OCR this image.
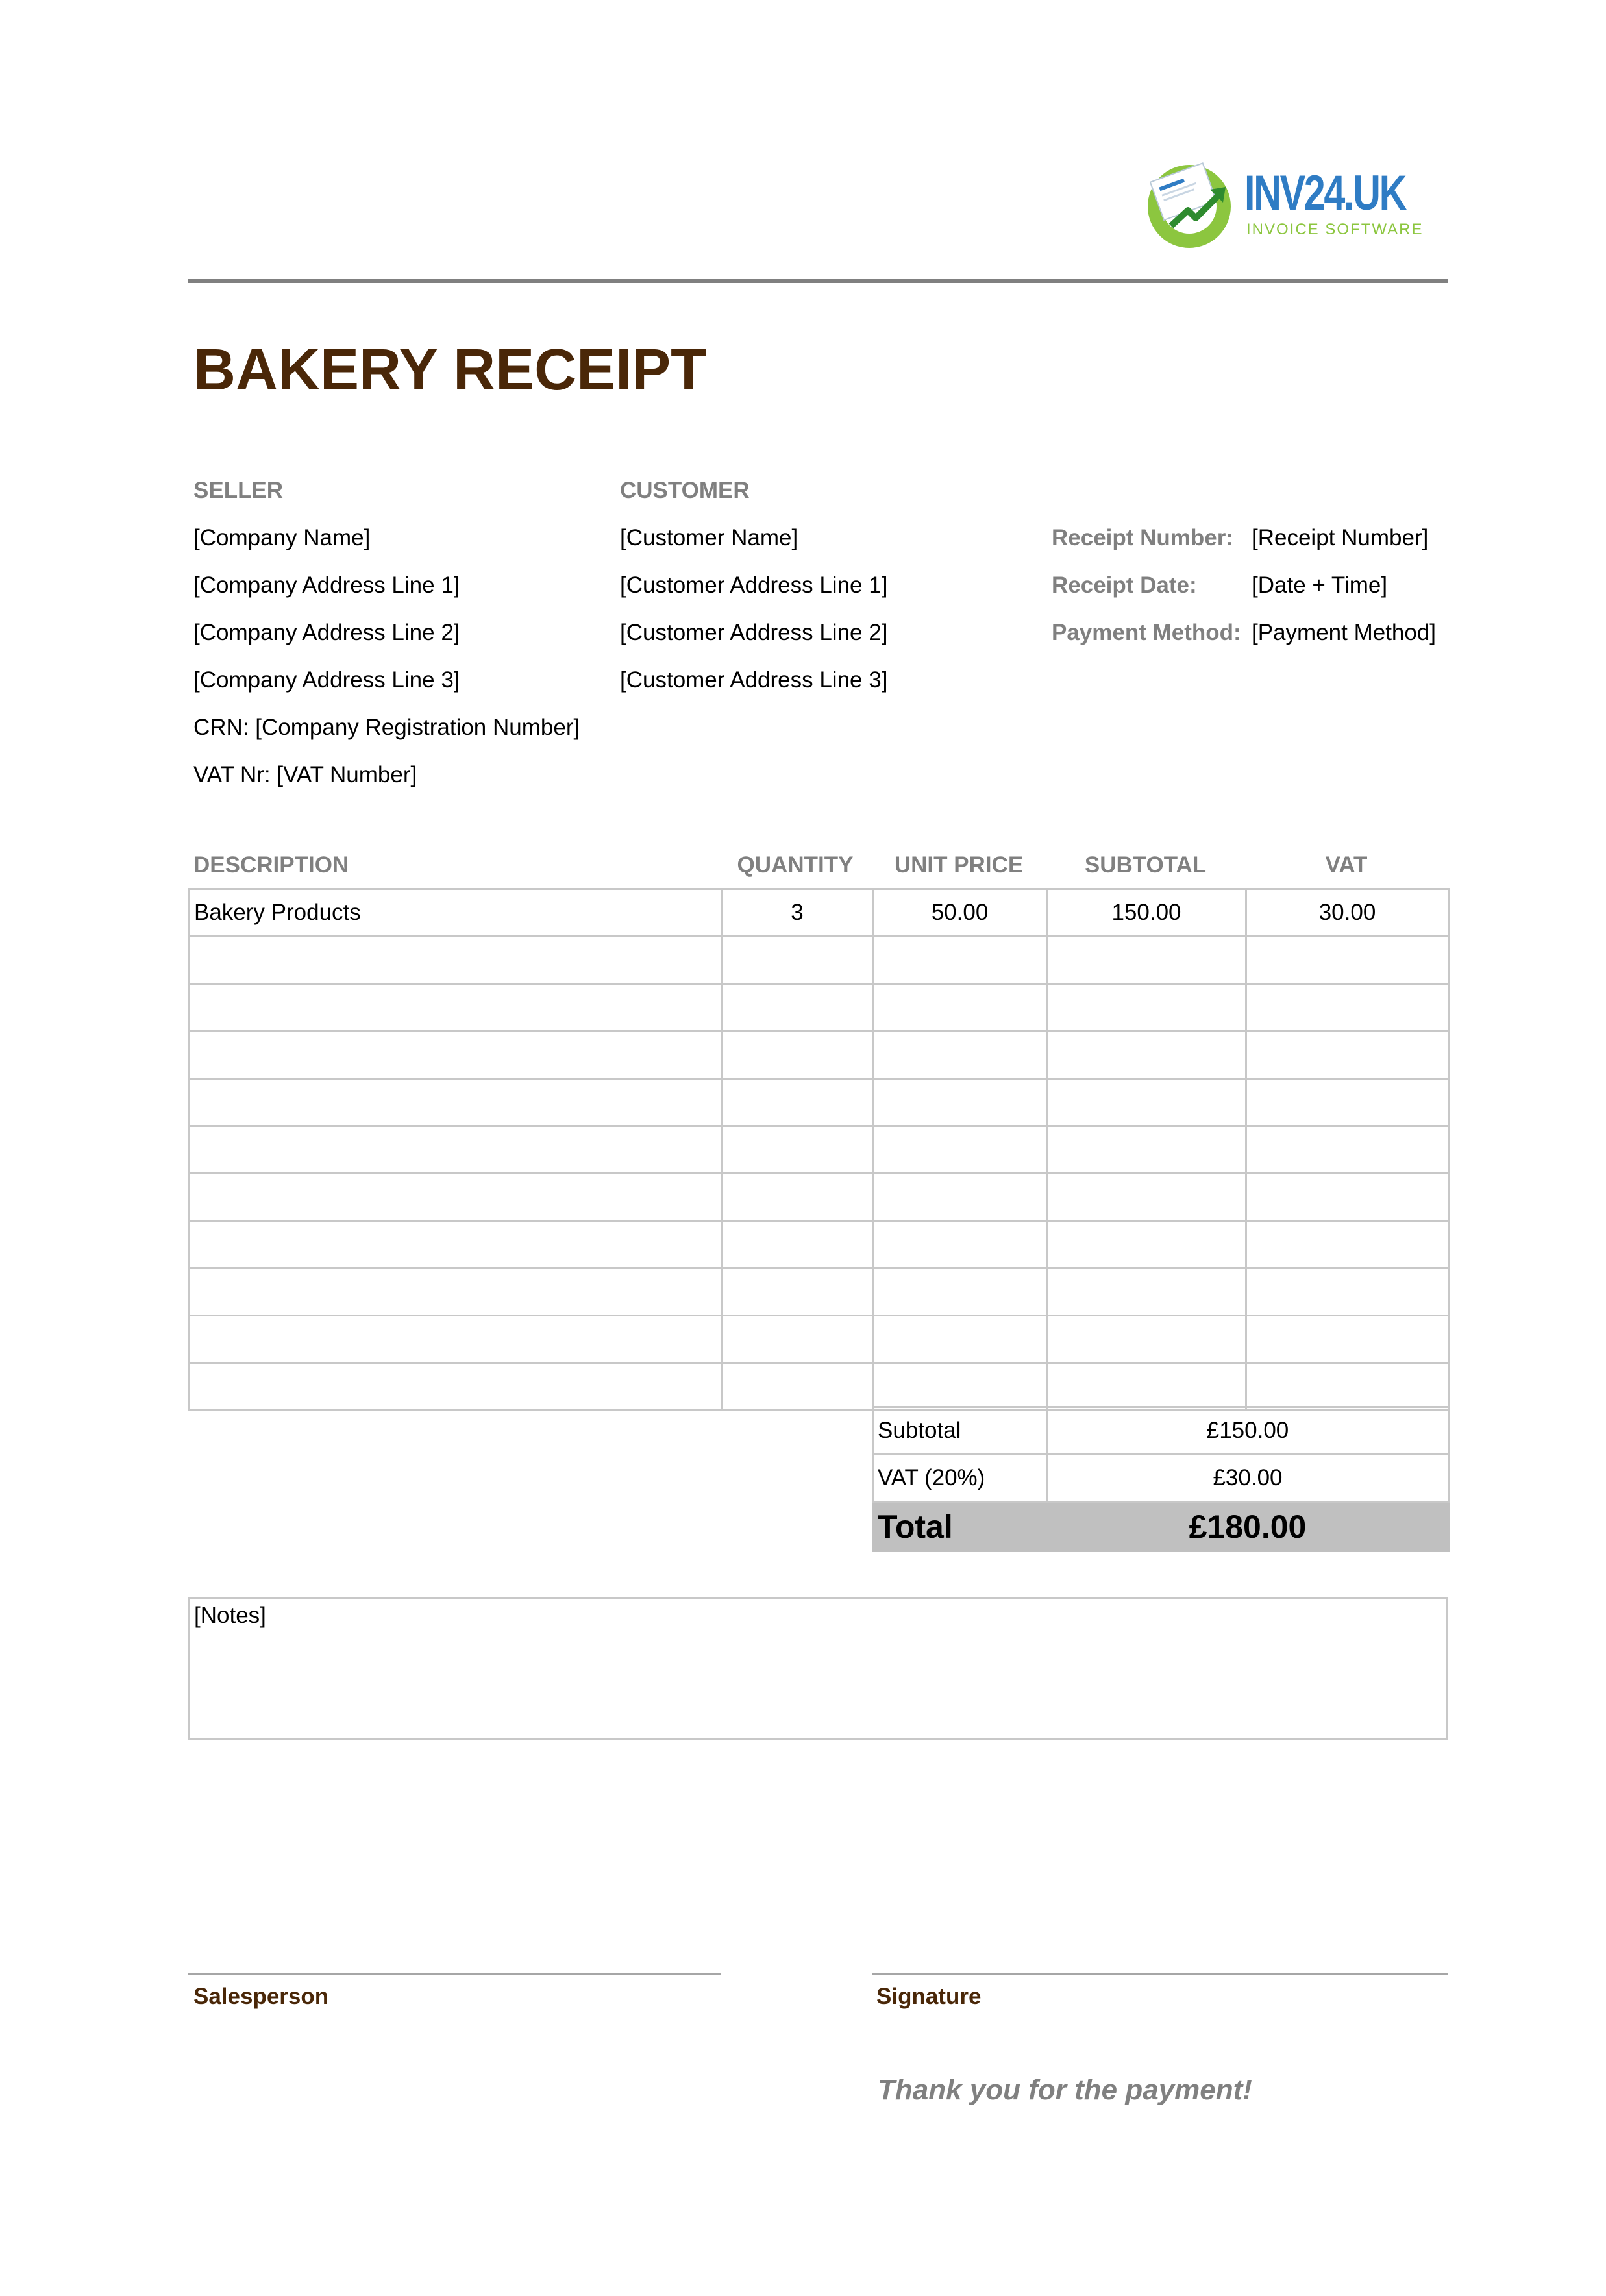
INV24.UK
INVOICE SOFTWARE
BAKERY RECEIPT
SELLER
[Company Name]
[Company Address Line 1]
[Company Address Line 2]
[Company Address Line 3]
CRN: [Company Registration Number]
VAT Nr: [VAT Number]
CUSTOMER
[Customer Name]
[Customer Address Line 1]
[Customer Address Line 2]
[Customer Address Line 3]
Receipt Number: [Receipt Number]
Receipt Date: [Date + Time]
Payment Method: [Payment Method]
DESCRIPTION	QUANTITY	UNIT PRICE	SUBTOTAL	VAT
Bakery Products	3	50.00	150.00	30.00

Subtotal	£150.00
VAT (20%)	£30.00
Total	£180.00
[Notes]
Salesperson	Signature
Thank you for the payment!
